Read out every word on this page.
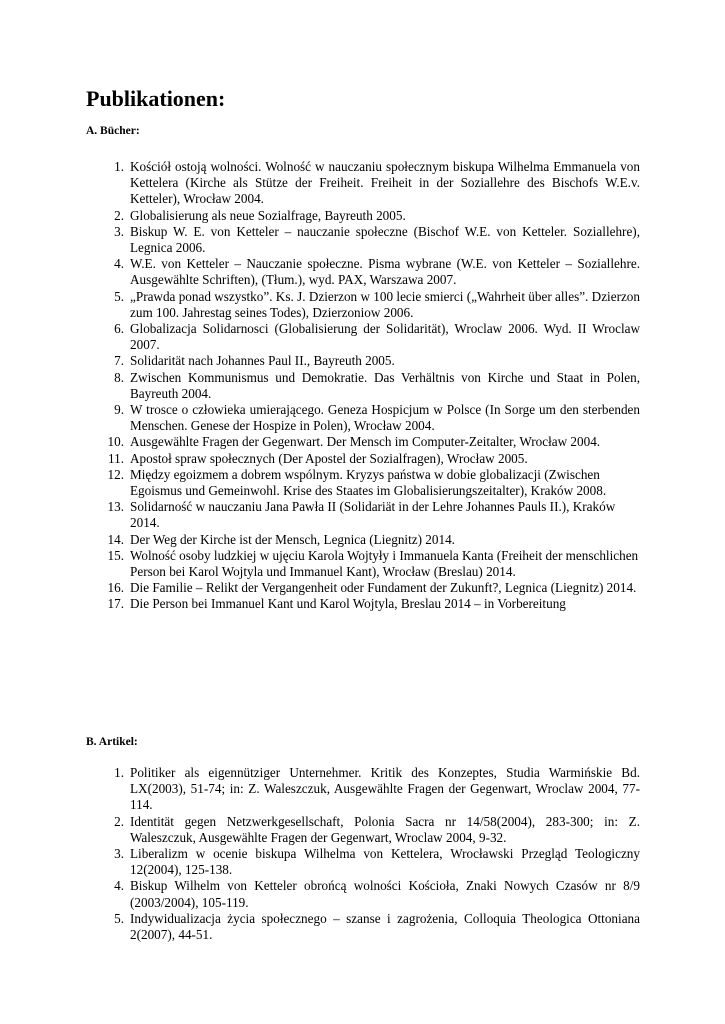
Publikationen:
A. Bücher:
1. Kościół ostoją wolności. Wolność w nauczaniu społecznym biskupa Wilhelma Emmanuela von Kettelera (Kirche als Stütze der Freiheit. Freiheit in der Soziallehre des Bischofs W.E.v. Ketteler), Wrocław 2004.
2. Globalisierung als neue Sozialfrage, Bayreuth 2005.
3. Biskup W. E. von Ketteler – nauczanie społeczne (Bischof W.E. von Ketteler. Soziallehre), Legnica 2006.
4. W.E. von Ketteler – Nauczanie społeczne. Pisma wybrane (W.E. von Ketteler – Soziallehre. Ausgewählte Schriften), (Tłum.), wyd. PAX, Warszawa 2007.
5. „Prawda ponad wszystko”. Ks. J. Dzierzon w 100 lecie smierci („Wahrheit über alles”. Dzierzon zum 100. Jahrestag seines Todes), Dzierzoniow 2006.
6. Globalizacja Solidarnosci (Globalisierung der Solidarität), Wroclaw 2006. Wyd. II Wroclaw 2007.
7. Solidarität nach Johannes Paul II., Bayreuth 2005.
8. Zwischen Kommunismus und Demokratie. Das Verhältnis von Kirche und Staat in Polen, Bayreuth 2004.
9. W trosce o człowieka umierającego. Geneza Hospicjum w Polsce (In Sorge um den sterbenden Menschen. Genese der Hospize in Polen), Wrocław 2004.
10. Ausgewählte Fragen der Gegenwart. Der Mensch im Computer-Zeitalter, Wrocław 2004.
11. Apostoł spraw społecznych (Der Apostel der Sozialfragen), Wrocław 2005.
12. Między egoizmem a dobrem wspólnym. Kryzys państwa w dobie globalizacji (Zwischen Egoismus und Gemeinwohl. Krise des Staates im Globalisierungszeitalter), Kraków 2008.
13. Solidarność w nauczaniu Jana Pawła II (Solidariät in der Lehre Johannes Pauls II.), Kraków 2014.
14. Der Weg der Kirche ist der Mensch, Legnica (Liegnitz) 2014.
15. Wolność osoby ludzkiej w ujęciu Karola Wojtyły i Immanuela Kanta (Freiheit der menschlichen Person bei Karol Wojtyla und Immanuel Kant), Wrocław (Breslau) 2014.
16. Die Familie – Relikt der Vergangenheit oder Fundament der Zukunft?, Legnica (Liegnitz) 2014.
17. Die Person bei Immanuel Kant und Karol Wojtyla, Breslau 2014 – in Vorbereitung
B. Artikel:
1. Politiker als eigennütziger Unternehmer. Kritik des Konzeptes, Studia Warmińskie Bd. LX(2003), 51-74; in: Z. Waleszczuk, Ausgewählte Fragen der Gegenwart, Wroclaw 2004, 77-114.
2. Identität gegen Netzwerkgesellschaft, Polonia Sacra nr 14/58(2004), 283-300; in: Z. Waleszczuk, Ausgewählte Fragen der Gegenwart, Wroclaw 2004, 9-32.
3. Liberalizm w ocenie biskupa Wilhelma von Kettelera, Wrocławski Przegląd Teologiczny 12(2004), 125-138.
4. Biskup Wilhelm von Ketteler obrońcą wolności Kościoła, Znaki Nowych Czasów nr 8/9 (2003/2004), 105-119.
5. Indywidualizacja życia społecznego – szanse i zagrożenia, Colloquia Theologica Ottoniana 2(2007), 44-51.
